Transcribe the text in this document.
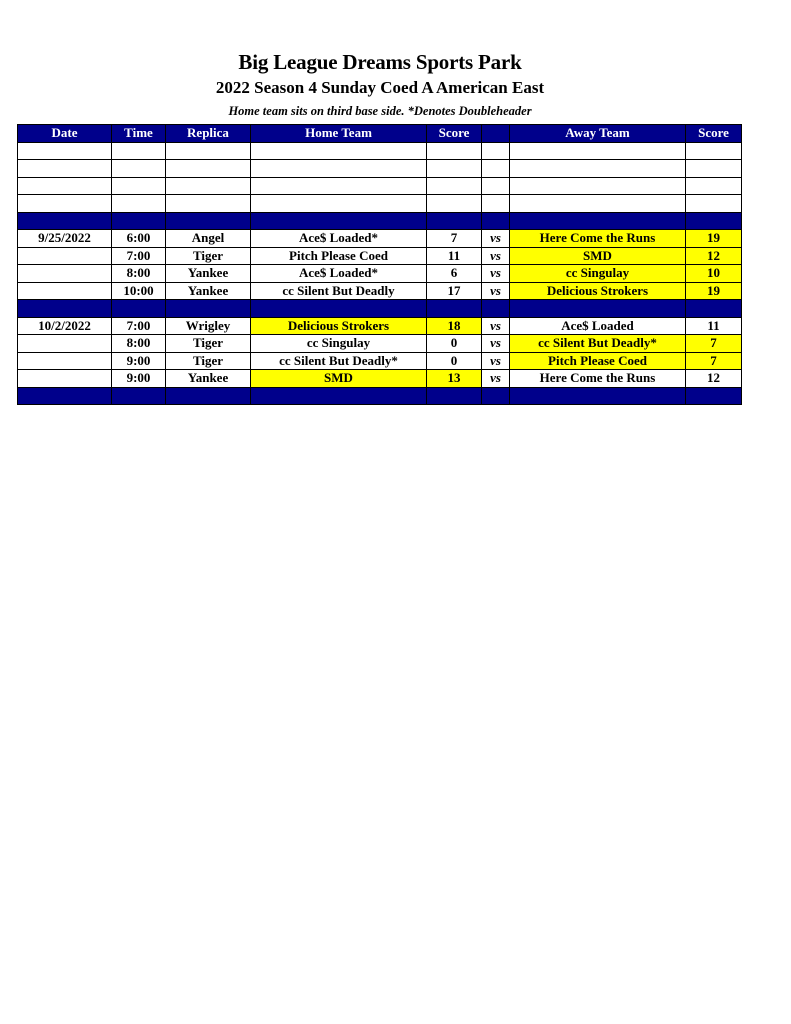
Big League Dreams Sports Park
2022 Season 4 Sunday Coed A American East
Home team sits on third base side. *Denotes Doubleheader
Date	Time	Replica	Home Team	Score		Away Team	Score

9/25/2022	6:00	Angel	Ace$ Loaded*	7	vs	Here Come the Runs	19
	7:00	Tiger	Pitch Please Coed	11	vs	SMD	12
	8:00	Yankee	Ace$ Loaded*	6	vs	cc Singulay	10
	10:00	Yankee	cc Silent But Deadly	17	vs	Delicious Strokers	19

10/2/2022	7:00	Wrigley	Delicious Strokers	18	vs	Ace$ Loaded	11
	8:00	Tiger	cc Singulay	0	vs	cc Silent But Deadly*	7
	9:00	Tiger	cc Silent But Deadly*	0	vs	Pitch Please Coed	7
	9:00	Yankee	SMD	13	vs	Here Come the Runs	12
